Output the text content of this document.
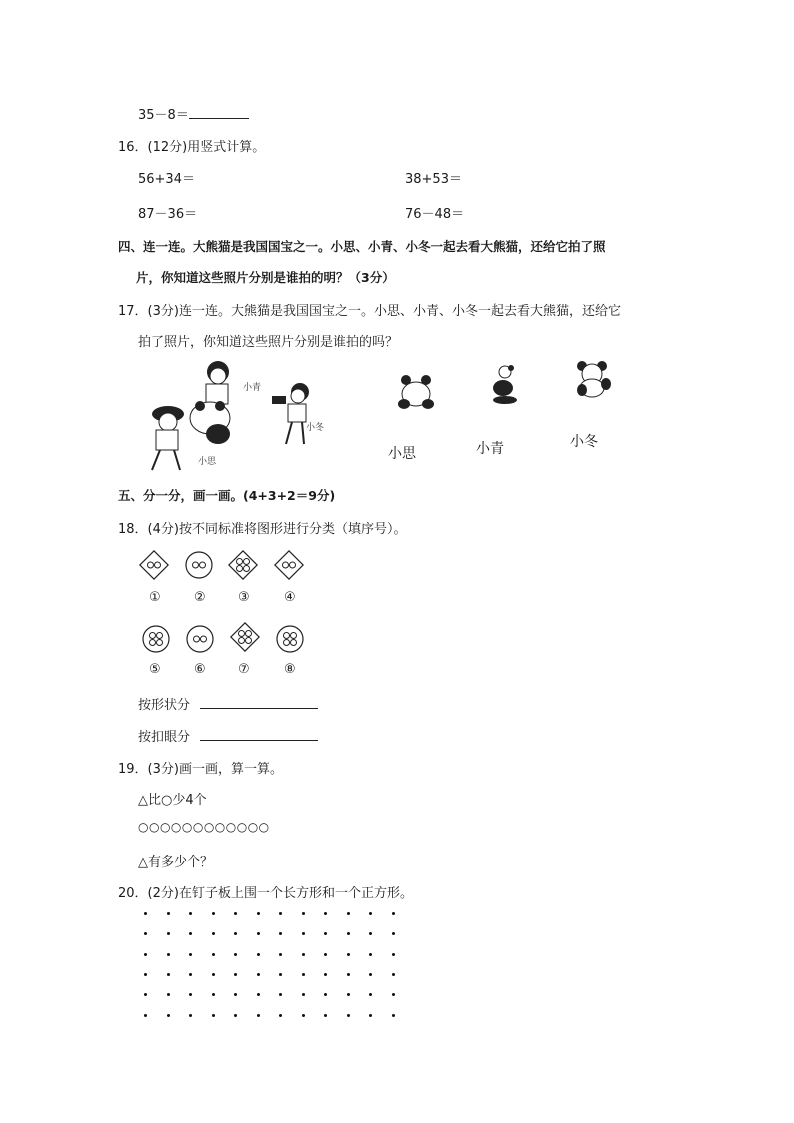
35－8＝
16．(12分)用竖式计算。
56+34＝	38+53＝
87－36＝	76－48＝
四、连一连。大熊猫是我国国宝之一。小思、小青、小冬一起去看大熊猫，还给它拍了照
片，你知道这些照片分别是谁拍的明？（3分）
17．(3分)连一连。大熊猫是我国国宝之一。小思、小青、小冬一起去看大熊猫，还给它
拍了照片，你知道这些照片分别是谁拍的吗？
小青
小冬
小思	小思	小青	小冬
五、分一分，画一画。(4+3+2＝9分)
18．(4分)按不同标准将图形进行分类（填序号）。
①	② ③	④
⑤	⑥ ⑦	⑧
按形状分
按扣眼分
19．(3分)画一画，算一算。
△比○少4个
○○○○○○○○○○○○
△有多少个？
20．(2分)在钉子板上围一个长方形和一个正方形。
